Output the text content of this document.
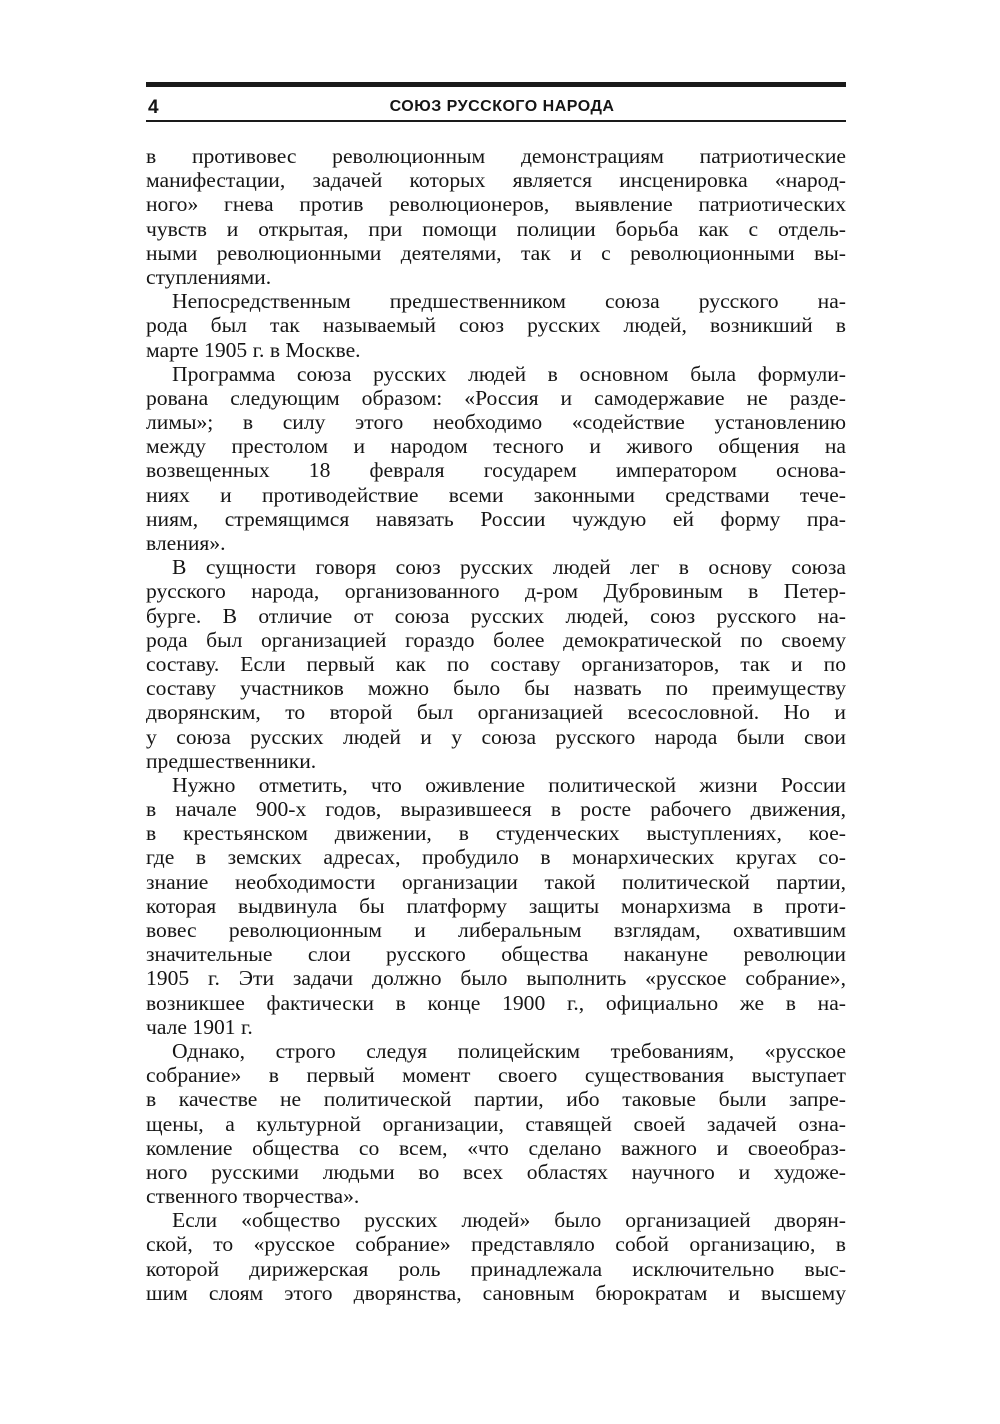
4	СОЮЗ РУССКОГО НАРОДА
в противовес революционным демонстрациям патриотические
манифестации, задачей которых является инсценировка «народ-
ного» гнева против революционеров, выявление патриотических
чувств и открытая, при помощи полиции борьба как с отдель-
ными революционными деятелями, так и с революционными вы-
ступлениями.
Непосредственным предшественником союза русского на-
рода был так называемый союз русских людей, возникший в
марте 1905 г. в Москве.
Программа союза русских людей в основном была формули-
рована следующим образом: «Россия и самодержавие не разде-
лимы»; в силу этого необходимо «содействие установлению
между престолом и народом тесного и живого общения на
возвещенных 18 февраля государем императором основа-
ниях и противодействие всеми законными средствами тече-
ниям, стремящимся навязать России чуждую ей форму пра-
вления».
В сущности говоря союз русских людей лег в основу союза
русского народа, организованного д-ром Дубровиным в Петер-
бурге. В отличие от союза русских людей, союз русского на-
рода был организацией гораздо более демократической по своему
составу. Если первый как по составу организаторов, так и по
составу участников можно было бы назвать по преимуществу
дворянским, то второй был организацией всесословной. Но и
у союза русских людей и у союза русского народа были свои
предшественники.
Нужно отметить, что оживление политической жизни России
в начале 900-х годов, выразившееся в росте рабочего движения,
в крестьянском движении, в студенческих выступлениях, кое-
где в земских адресах, пробудило в монархических кругах со-
знание необходимости организации такой политической партии,
которая выдвинула бы платформу защиты монархизма в проти-
вовес революционным и либеральным взглядам, охватившим
значительные слои русского общества накануне революции
1905 г. Эти задачи должно было выполнить «русское собрание»,
возникшее фактически в конце 1900 г., официально же в на-
чале 1901 г.
Однако, строго следуя полицейским требованиям, «русское
собрание» в первый момент своего существования выступает
в качестве не политической партии, ибо таковые были запре-
щены, а культурной организации, ставящей своей задачей озна-
комление общества со всем, «что сделано важного и своеобраз-
ного русскими людьми во всех областях научного и художе-
ственного творчества».
Если «общество русских людей» было организацией дворян-
ской, то «русское собрание» представляло собой организацию, в
которой дирижерская роль принадлежала исключительно выс-
шим слоям этого дворянства, сановным бюрократам и высшему
